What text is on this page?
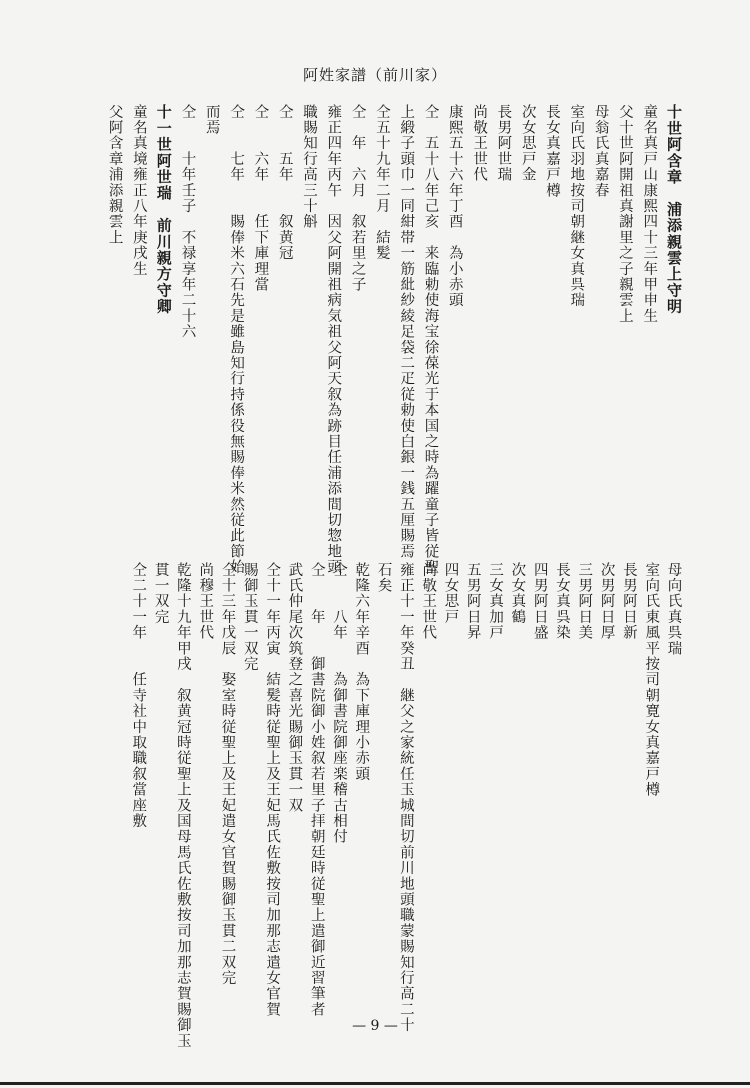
阿姓家譜（前川家）
十世阿含章　浦添親雲上守明
童名真戸山康熙四十三年甲申生
父十世阿開祖真謝里之子親雲上
母翁氏真嘉春
室向氏羽地按司朝継女真呉瑞
長女真嘉戸樽
次女思戸金
長男阿世瑞
尚敬王世代
康熙五十六年丁酉　為小赤頭
仝　五十八年己亥　来臨勅使海宝徐葆光于本国之時為躍童子皆従聖
上緞子頭巾一同紺帯一筋紕紗綾足袋二疋従勅使白銀一銭五厘賜焉
仝五十九年二月　結髪
仝　年　六月　叙若里之子
雍正四年丙午　因父阿開祖病気祖父阿天叙為跡目任浦添間切惣地頭
職賜知行高三十斛
仝　　五年　　叙黄冠
仝　　六年　　任下庫理當
仝　　七年　　賜俸米六石先是雖島知行持係役無賜俸米然従此節始
而焉
仝　　十年壬子　不禄享年二十六
十一世阿世瑞　前川親方守卿
童名真境雍正八年庚戌生
父阿含章浦添親雲上
母向氏真呉瑞
室向氏東風平按司朝寛女真嘉戸樽
長男阿日新
次男阿日厚
三男阿日美
長女真呉染
四男阿日盛
次女真鶴
三女真加戸
五男阿日昇
四女思戸
尚敬王世代
雍正十一年癸丑　継父之家統任玉城間切前川地頭職蒙賜知行高二十
石矣
乾隆六年辛酉　為下庫理小赤頭
仝　　八年　　為御書院御座楽稽古相付
仝　　年　　御書院御小姓叙若里子拝朝廷時従聖上遣御近習筆者
武氏仲尾次筑登之喜光賜御玉貫一双
仝十一年丙寅　結髪時従聖上及王妃馬氏佐敷按司加那志遣女官賀
賜御玉貫一双完
仝十三年戊辰　娶室時従聖上及王妃遣女官賀賜御玉貫二双完
尚穆王世代
乾隆十九年甲戌　叙黄冠時従聖上及国母馬氏佐敷按司加那志賀賜御玉
貫一双完
仝二十一年　　任寺社中取職叙當座敷
— 9 —
